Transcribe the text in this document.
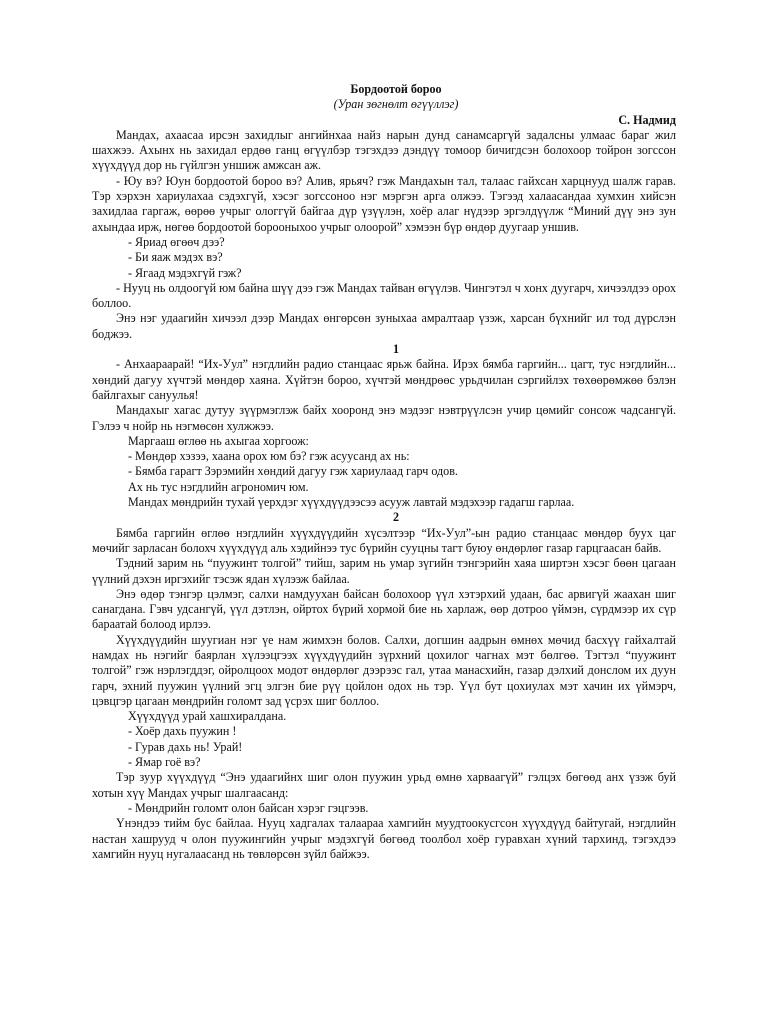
Бордоотой бороо

(Уран зөгнөлт өгүүллэг)

С. Надмид

Мандах, ахаасаа ирсэн захидлыг ангийнхаа найз нарын дунд санамсаргүй задалсны улмаас бараг жил шахжээ. Ахынх нь захидал ердөө ганц өгүүлбэр тэгэхдээ дэндүү томоор бичигдсэн болохоор тойрон зогссон хүүхдүүд дор нь гүйлгэн уншиж амжсан аж.

- Юу вэ? Юун бордоотой бороо вэ? Алив, ярьяч? гэж Мандахын тал, талаас гайхсан харцнууд шалж гарав. Тэр хэрхэн хариулахаа сэдэхгүй, хэсэг зогссоноо нэг мэргэн арга олжээ. Тэгээд халаасандаа хумхин хийсэн захидлаа гаргаж, өөрөө учрыг ологгүй байгаа дүр үзүүлэн, хоёр алаг нүдээр эргэлдүүлж “Миний дүү энэ зун ахындаа ирж, нөгөө бордоотой борооныхоо учрыг олоорой” хэмээн бүр өндөр дуугаар уншив.

- Яриад өгөөч дээ?

- Би яаж мэдэх вэ?

- Ягаад мэдэхгүй гэж?

- Нууц нь олдоогүй юм байна шүү дээ гэж Мандах тайван өгүүлэв. Чингэтэл ч хонх дуугарч, хичээлдээ орох боллоо.

Энэ нэг удаагийн хичээл дээр Мандах өнгөрсөн зуныхаа амралтаар үзэж, харсан бүхнийг ил тод дүрслэн бoджээ.

1

- Анхаараарай! “Их-Уул” нэгдлийн радио станцаас ярьж байна. Ирэх бямба гаргийн... цагт, тус нэгдлийн... хөндий дагуу хүчтэй мөндөр хаяна. Хүйтэн бороо, хүчтэй мөндрөөс урьдчилан сэргийлэх төхөөрөмжөө бэлэн байлгахыг сануулья!

Мандахыг хагас дутуу зүүрмэглэж байх хооронд энэ мэдээг нэвтрүүлсэн учир цөмийг сонсож чадсангүй. Гэлээ ч нойр нь нэгмөсөн хулжжээ.

Маргааш өглөө нь ахыгаа хоргоож:

- Мөндөр хэзээ, хаана орох юм бэ? гэж асуусанд ах нь:

- Бямба гарагт Зэрэмийн хөндий дагуу гэж хариулаад гарч одов.

Ах нь тус нэгдлийн агрономич юм.

Мандах мөндрийн тухай үерхдэг хүүхдүүдээсээ асууж лавтай мэдэхээр гадагш гарлаа.

2

Бямба гаргийн өглөө нэгдлийн хүүхдүүдийн хүсэлтээр “Их-Уул”-ын радио станцаас мөндөр буух цаг мөчийг зарласан болохч хүүхдүүд аль хэдийнээ тус бүрийн сууцны тагт буюу өндөрлөг газар гарцгаасан байв.

Тэдний зарим нь “пуужинт толгой” тийш, зарим нь умар зүгийн тэнгэрийн хаяа ширтэн хэсэг бөөн цагаан үүлний дэхэн иргэхийг тэсэж ядан хүлээж байлаа.

Энэ өдөр тэнгэр цэлмэг, салхи намдуухан байсан болохоор үүл хэтэрхий удаан, бас арвигүй жаахан шиг санагдана. Гэвч удсангүй, үүл дэтлэн, ойртох бүрий хормой бие нь харлаж, өөр дотроо үймэн, сүрдмээр их сүр бараатай болоод ирлээ.

Хүүхдүүдийн шуугиан нэг үе нам жимхэн болов. Салхи, догшин аадрын өмнөх мөчид басхүү гайхалтай намдах нь нэгийг баярлан хүлээцгээх хүүхдүүдийн зүрхний цохилог чагнах мэт бөлгөө. Тэгтэл “пуужинт толгой” гэж нэрлэгддэг, ойролцоох модот өндөрлөг дээрээс гал, утаа манасхийн, газар дэлхий донслом их дуун гарч, эхний пуужин үүлний эгц элгэн бие рүү цойлон одох нь тэр. Үүл бут цохиулах мэт хачин их үймэрч, цэвцгэр цагаан мөндрийн голомт зад үсрэх шиг боллоо.

Хүүхдүүд урай хашхиралдана.

- Хоёр дахь пуужин !

- Гурав дахь нь! Урай!

- Ямар гоё вэ?

Тэр зуур хүүхдүүд “Энэ удаагийнх шиг олон пуужин урьд өмнө харваагүй” гэлцэх бөгөөд анх үзэж буй хотын хүү Мандах учрыг шалгаасанд:

- Мөндрийн голомт олон байсан хэрэг гэцгээв.

Үнэндээ тийм бус байлаа. Нууц хадгалах талаараа хамгийн муудтоокусгсон хүүхдүүд байтугай, нэгдлийн настан хашрууд ч олон пуужингийн учрыг мэдэхгүй бөгөөд тоолбол хоёр гуравхан хүний тархинд, тэгэхдээ хамгийн нууц нугалаасанд нь төвлөрсөн зүйл байжээ.
